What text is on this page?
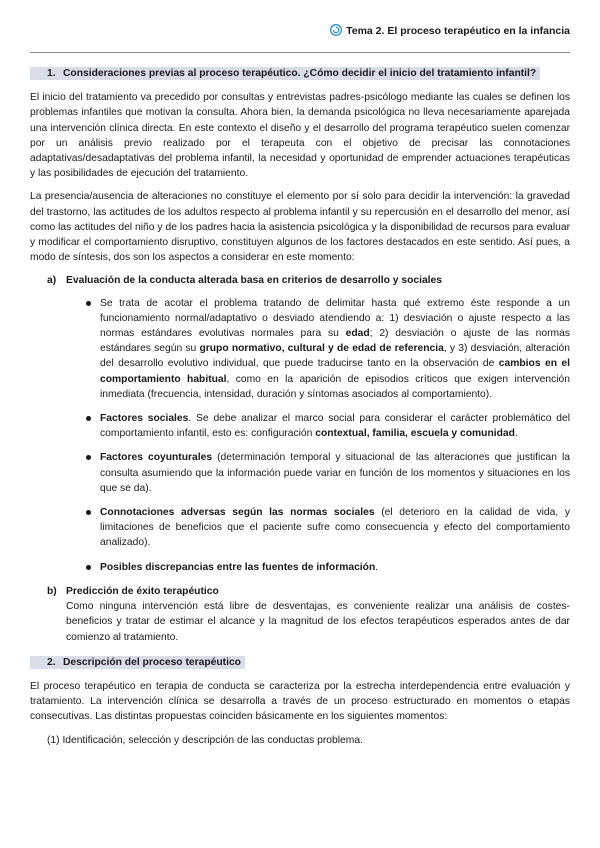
Tema 2. El proceso terapéutico en la infancia
1. Consideraciones previas al proceso terapéutico. ¿Cómo decidir el inicio del tratamiento infantil?

El inicio del tratamiento va precedido por consultas y entrevistas padres-psicólogo mediante las cuales se definen los problemas infantiles que motivan la consulta. Ahora bien, la demanda psicológica no lleva necesariamente aparejada una intervención clínica directa. En este contexto el diseño y el desarrollo del programa terapéutico suelen comenzar por un análisis previo realizado por el terapeuta con el objetivo de precisar las connotaciones adaptativas/desadaptativas del problema infantil, la necesidad y oportunidad de emprender actuaciones terapéuticas y las posibilidades de ejecución del tratamiento.

La presencia/ausencia de alteraciones no constituye el elemento por sí solo para decidir la intervención: la gravedad del trastorno, las actitudes de los adultos respecto al problema infantil y su repercusión en el desarrollo del menor, así como las actitudes del niño y de los padres hacia la asistencia psicológica y la disponibilidad de recursos para evaluar y modificar el comportamiento disruptivo, constituyen algunos de los factores destacados en este sentido. Así pues, a modo de síntesis, dos son los aspectos a considerar en este momento:

a) Evaluación de la conducta alterada basa en criterios de desarrollo y sociales
Se trata de acotar el problema tratando de delimitar hasta qué extremo éste responde a un funcionamiento normal/adaptativo o desviado atendiendo a: 1) desviación o ajuste respecto a las normas estándares evolutivas normales para su edad; 2) desviación o ajuste de las normas estándares según su grupo normativo, cultural y de edad de referencia, y 3) desviación, alteración del desarrollo evolutivo individual, que puede traducirse tanto en la observación de cambios en el comportamiento habitual, como en la aparición de episodios críticos que exigen intervención inmediata (frecuencia, intensidad, duración y síntomas asociados al comportamiento).
Factores sociales. Se debe analizar el marco social para considerar el carácter problemático del comportamiento infantil, esto es: configuración contextual, familia, escuela y comunidad.
Factores coyunturales (determinación temporal y situacional de las alteraciones que justifican la consulta asumiendo que la información puede variar en función de los momentos y situaciones en los que se da).
Connotaciones adversas según las normas sociales (el deterioro en la calidad de vida, y limitaciones de beneficios que el paciente sufre como consecuencia y efecto del comportamiento analizado).
Posibles discrepancias entre las fuentes de información.
b) Predicción de éxito terapéutico
Como ninguna intervención está libre de desventajas, es conveniente realizar una análisis de costes-beneficios y tratar de estimar el alcance y la magnitud de los efectos terapéuticos esperados antes de dar comienzo al tratamiento.
2. Descripción del proceso terapéutico

El proceso terapéutico en terapia de conducta se caracteriza por la estrecha interdependencia entre evaluación y tratamiento. La intervención clínica se desarrolla a través de un proceso estructurado en momentos o etapas consecutivas. Las distintas propuestas coinciden básicamente en los siguientes momentos:

(1) Identificación, selección y descripción de las conductas problema.
